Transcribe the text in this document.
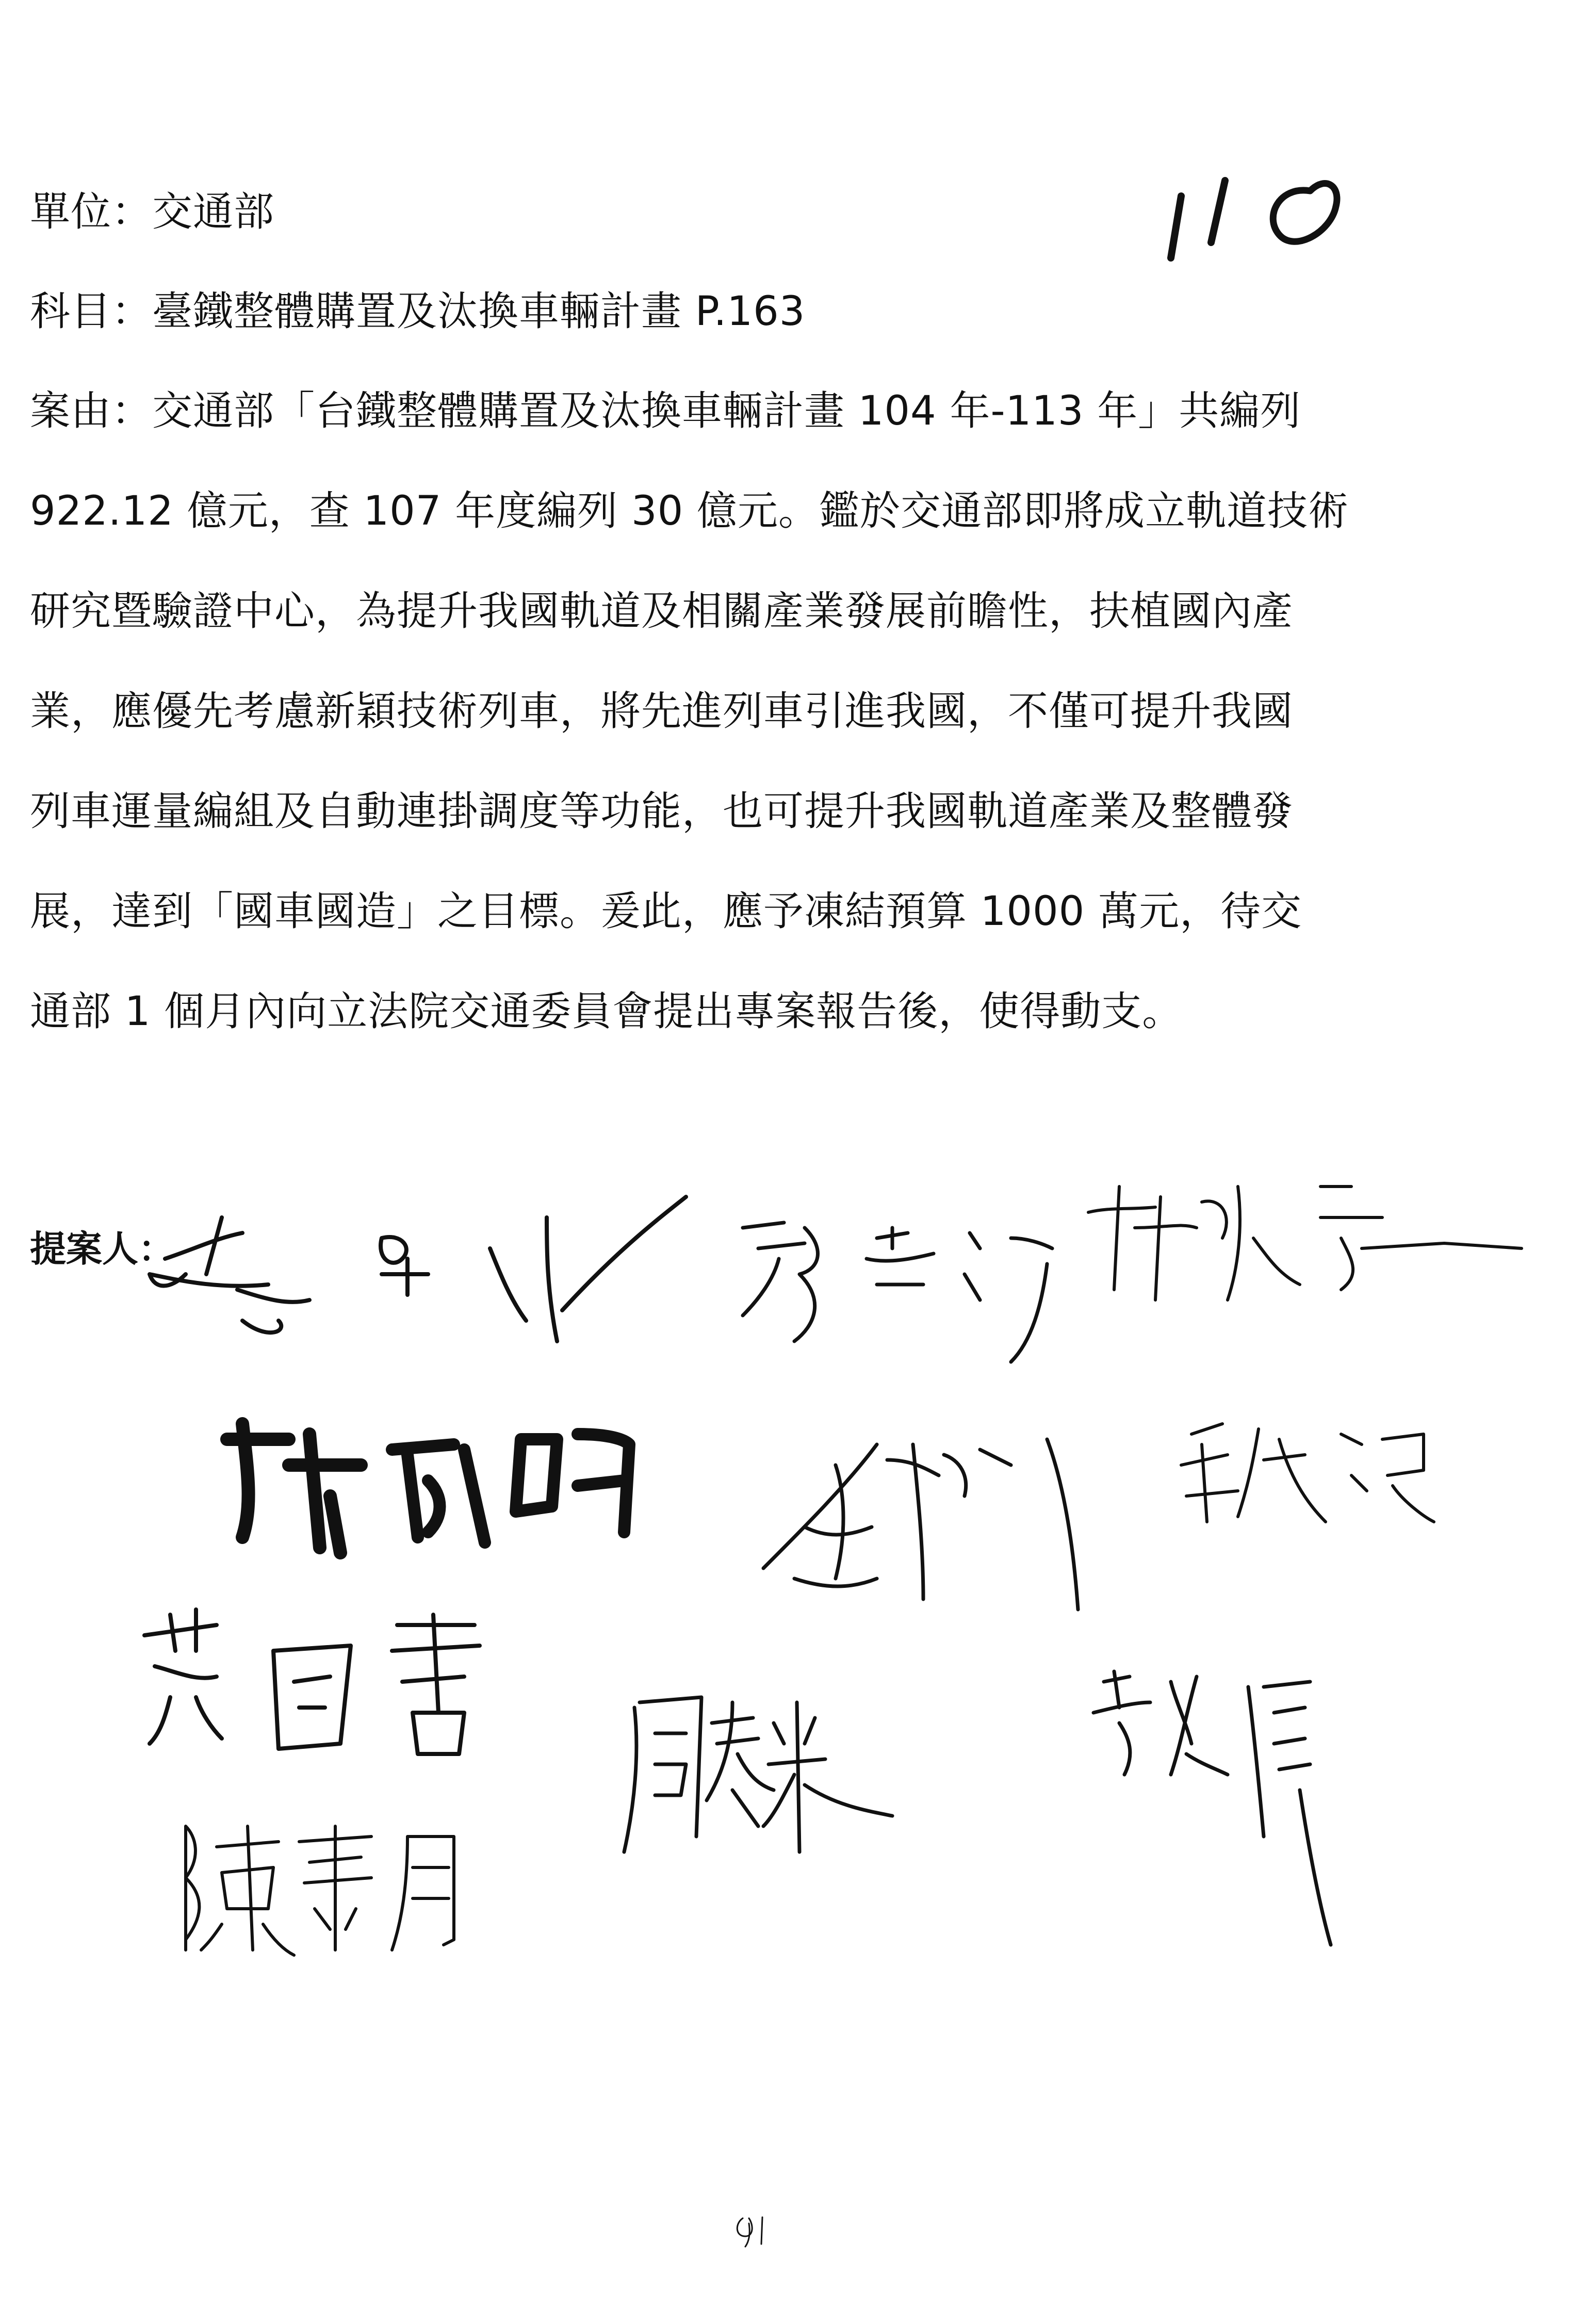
單位：交通部
科目：臺鐵整體購置及汰換車輛計畫 P.163
案由：交通部「台鐵整體購置及汰換車輛計畫 104 年-113 年」共編列
922.12 億元，查 107 年度編列 30 億元。鑑於交通部即將成立軌道技術
研究暨驗證中心，為提升我國軌道及相關產業發展前瞻性，扶植國內產
業，應優先考慮新穎技術列車，將先進列車引進我國，不僅可提升我國
列車運量編組及自動連掛調度等功能，也可提升我國軌道產業及整體發
展，達到「國車國造」之目標。爰此，應予凍結預算 1000 萬元，待交
通部 1 個月內向立法院交通委員會提出專案報告後，使得動支。
提案人：
